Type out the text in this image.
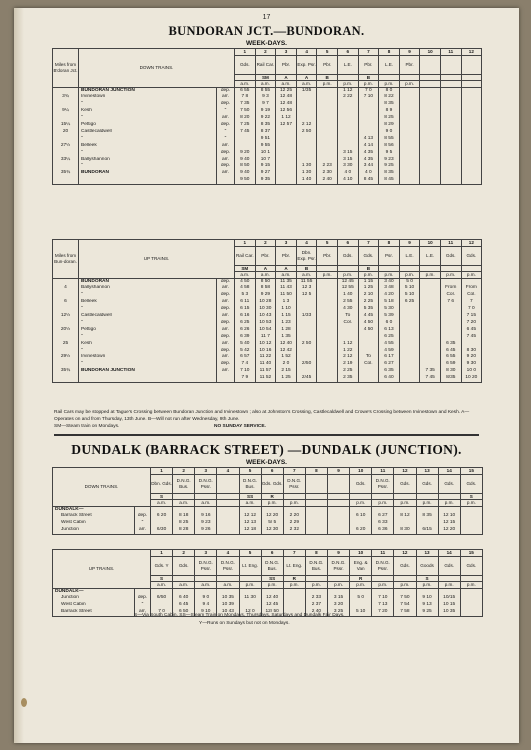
17
BUNDORAN JCT.—BUNDORAN.
WEEK-DAYS.
Miles from B'doran Jct.	DOWN TRAINS.		1	2	3	4	5	6	7	8	9	10	11	12
			Gds.	Rail Car.	Pbr.	Exp. Psr.	Pbr.	L.E.	Pbr.	L.E.	Pbr.			
				SM	A	A	B		B					
			a.m.	a.m.	a.m.	a.m.	p.m.	p.m.	p.m.	p.m.	p.m.			
	BUNDORAN JUNCTION	dep.	6 55	8 55	12 25	1/35		1 12	7 0	8 0				
3¾	Irvinestown	arr.	7 8	9 3	12 48			2 22	7 10	8 22				
	"	dep.	7 35	9 7	12 48					8 35				
9¼	Kesh	"	7 50	9 19	12 56					8 9				
	"	arr.	8 20	9 22	1 12					8 25				
15¼	Pettigo	dep.	7 25	8 35	12 57	2 12				8 29				
20	Castlecaldwell	"	7 45	8 37		2 50				9 0				
	"	"		9 51					4 13	8 55				
27½	Belleek	arr.		9 55					4 14	8 56				
	"	dep.	9 20	10 1				3 15	4 35	9 5				
33¼	Ballyshannon	arr.	9 40	10 7				3 15	4 35	9 23				
	"	dep.	8 50	9 15		1 30	2 23	3 30	3 44	9 25				
35¾	BUNDORAN	arr.	9 40	9 27		1 30	2 30	4 0	4 0	8 35				
			9 50	9 35		1 40	2 40	4 10	8 45	8 45				
Miles from Bun-doran.	UP TRAINS.		1	2	3	4	5	6	7	8	9	10	11	12
			Rail Car.	Pbr.	Pbr.	Dbn. Exp. Psr.	Pbr.	Gds.	Gds.	Psr.	L.E.	L.E.	Gds.	Gds.
			SM	A	A	B			B					
			a.m.	a.m.	a.m.	a.m.	p.m.	p.m.	p.m.	p.m.	p.m.	p.m.	p.m.	p.m.
	BUNDORAN	dep.	4 50	8 50	11 35	11 55		12 45	1 15	3 40	5 0			
4	Ballyshannon	arr.	4 58	8 58	11 43	12 3		12 55	1 25	3 48	5 10		From	From
	"	dep.	5 3	9 29	11 50	12 5		1 40	2 10	4 20	5 10		Col.	Col.
6	Belleek	arr.	6 11	10 28	1 3			2 55	2 25	5 18	6 25		7 6	7
	"	dep.	6 15	10 30	1 10			4 30	5 35	5 30				7 0
12½	Castlecaldwell	arr.	6 16	10 43	1 15	1/33		To	4 45	5 39				7 15
	"	dep.	6 25	10 53	1 23			Col.	4 50	6 0				7 20
20½	Pettigo	arr.	6 26	10 54	1 28				4 50	6 13				6 45
	"	dep.	6 39	11 7	1 35					6 25				7 45
25	Kesh	arr.	5 40	10 12	12 40	2 50		1 12		4 55			6 35	
	"	dep.	5 42	10 16	12 42			1 22		4 59			6 45	8 30
29½	Irvinestown	arr.	6 57	11 22	1 52			2 12	To	6 17			6 55	9 20
	"	dep.	7 4	11 40	2 0	2/50		2 19	Col.	6 27			6 59	9 30
35¾	BUNDORAN JUNCTION	arr.	7 10	11 57	2 15			2 25		6 35		7 35	8 30	10 0
			7 9	11 52	1 25	2/45		2 35		6 40		7 45	8/35	10 20
Rail Cars may be stopped at Tague's Crossing between Bundoran Junction and Irvinestown ; also at Johnston's Crossing, Castlecaldwell and Crowe's Crossing between Irvinestown and Kesh. A—Operates on and from Thursday, 13th June. B—Will not run after Wednesday, 9th June.
SM—Steam train on Mondays.	NO SUNDAY SERVICE.
DUNDALK (BARRACK STREET) —DUNDALK (JUNCTION).
WEEK-DAYS.
DOWN TRAINS.		1	2	3	4	5	6	7	8	9	10	11	12	13	14	15
		Dbn. Gds.	D.N.G. Bus.	D.N.G. Pssr.		D.N.G. Bus.	Gds. Gds.	D.N.G. Pssr.			Gds.	D.N.G. Pssr.	Gds.	Gds.	Gds.	Gds.
		S				SS	R									S
		a.m.	a.m.	a.m.		a.m.	p.m.	p.m.			p.m.	p.m.	p.m.	p.m.	p.m.	p.m.
DUNDALK—																
Barrack Street	dep.	6 20	8 18	9 16		12 12	12 20	2 20			6 10	6 27	8 12	8 35	12 10	
West Cabin	"		8 25	9 23		12 13	5/ 5	2 29				6 33			12 15	
Junction	arr.	6/30	8 28	9 26		12 18	12 30	2 32			6 20	6 36	8 30	6/15	12 20	
UP TRAINS.		1	2	3	4	5	6	7	8	9	10	11	12	13	14	15
		Gds. Y	Gds.	D.N.G. Pssr.	D.N.G. Pssr.	Lt. Eng.	D.N.G. Bus.	Lt. Eng.	D.N.G. Bus.	D.N.G. Pssr.	Eng. & Van	D.N.G. Pssr.	Gds.	Goods	Gds.	Gds.
		S					SS	R			R			S		
		a.m.	a.m.	a.m.	a.m.	p.m.	p.m.	p.m.	p.m.	p.m.	p.m.	p.m.	p.m.	p.m.	p.m.	p.m.
DUNDALK—																
Junction	dep.	6/50	6 40	9 0	10 35	11 30	12 40		2 33	3 15	5 0	7 10	7 50	9 10	10/15	
West Cabin	"		6 45	9 4	10 39		12 45		2 37	3 20		7 13	7 54	9 13	10 15	
Barrack Street	arr.	7 0	6 50	9 10	10 43	12 0	12/ 50		2 40	3 25	5 10	7 20	7 58	9 25	10 35	
S—Via South Cabin. SS—Steam Train on Mondays, Thursdays, Saturdays and Dundalk Fair Days.
Y—Runs on Sundays but not on Mondays.
